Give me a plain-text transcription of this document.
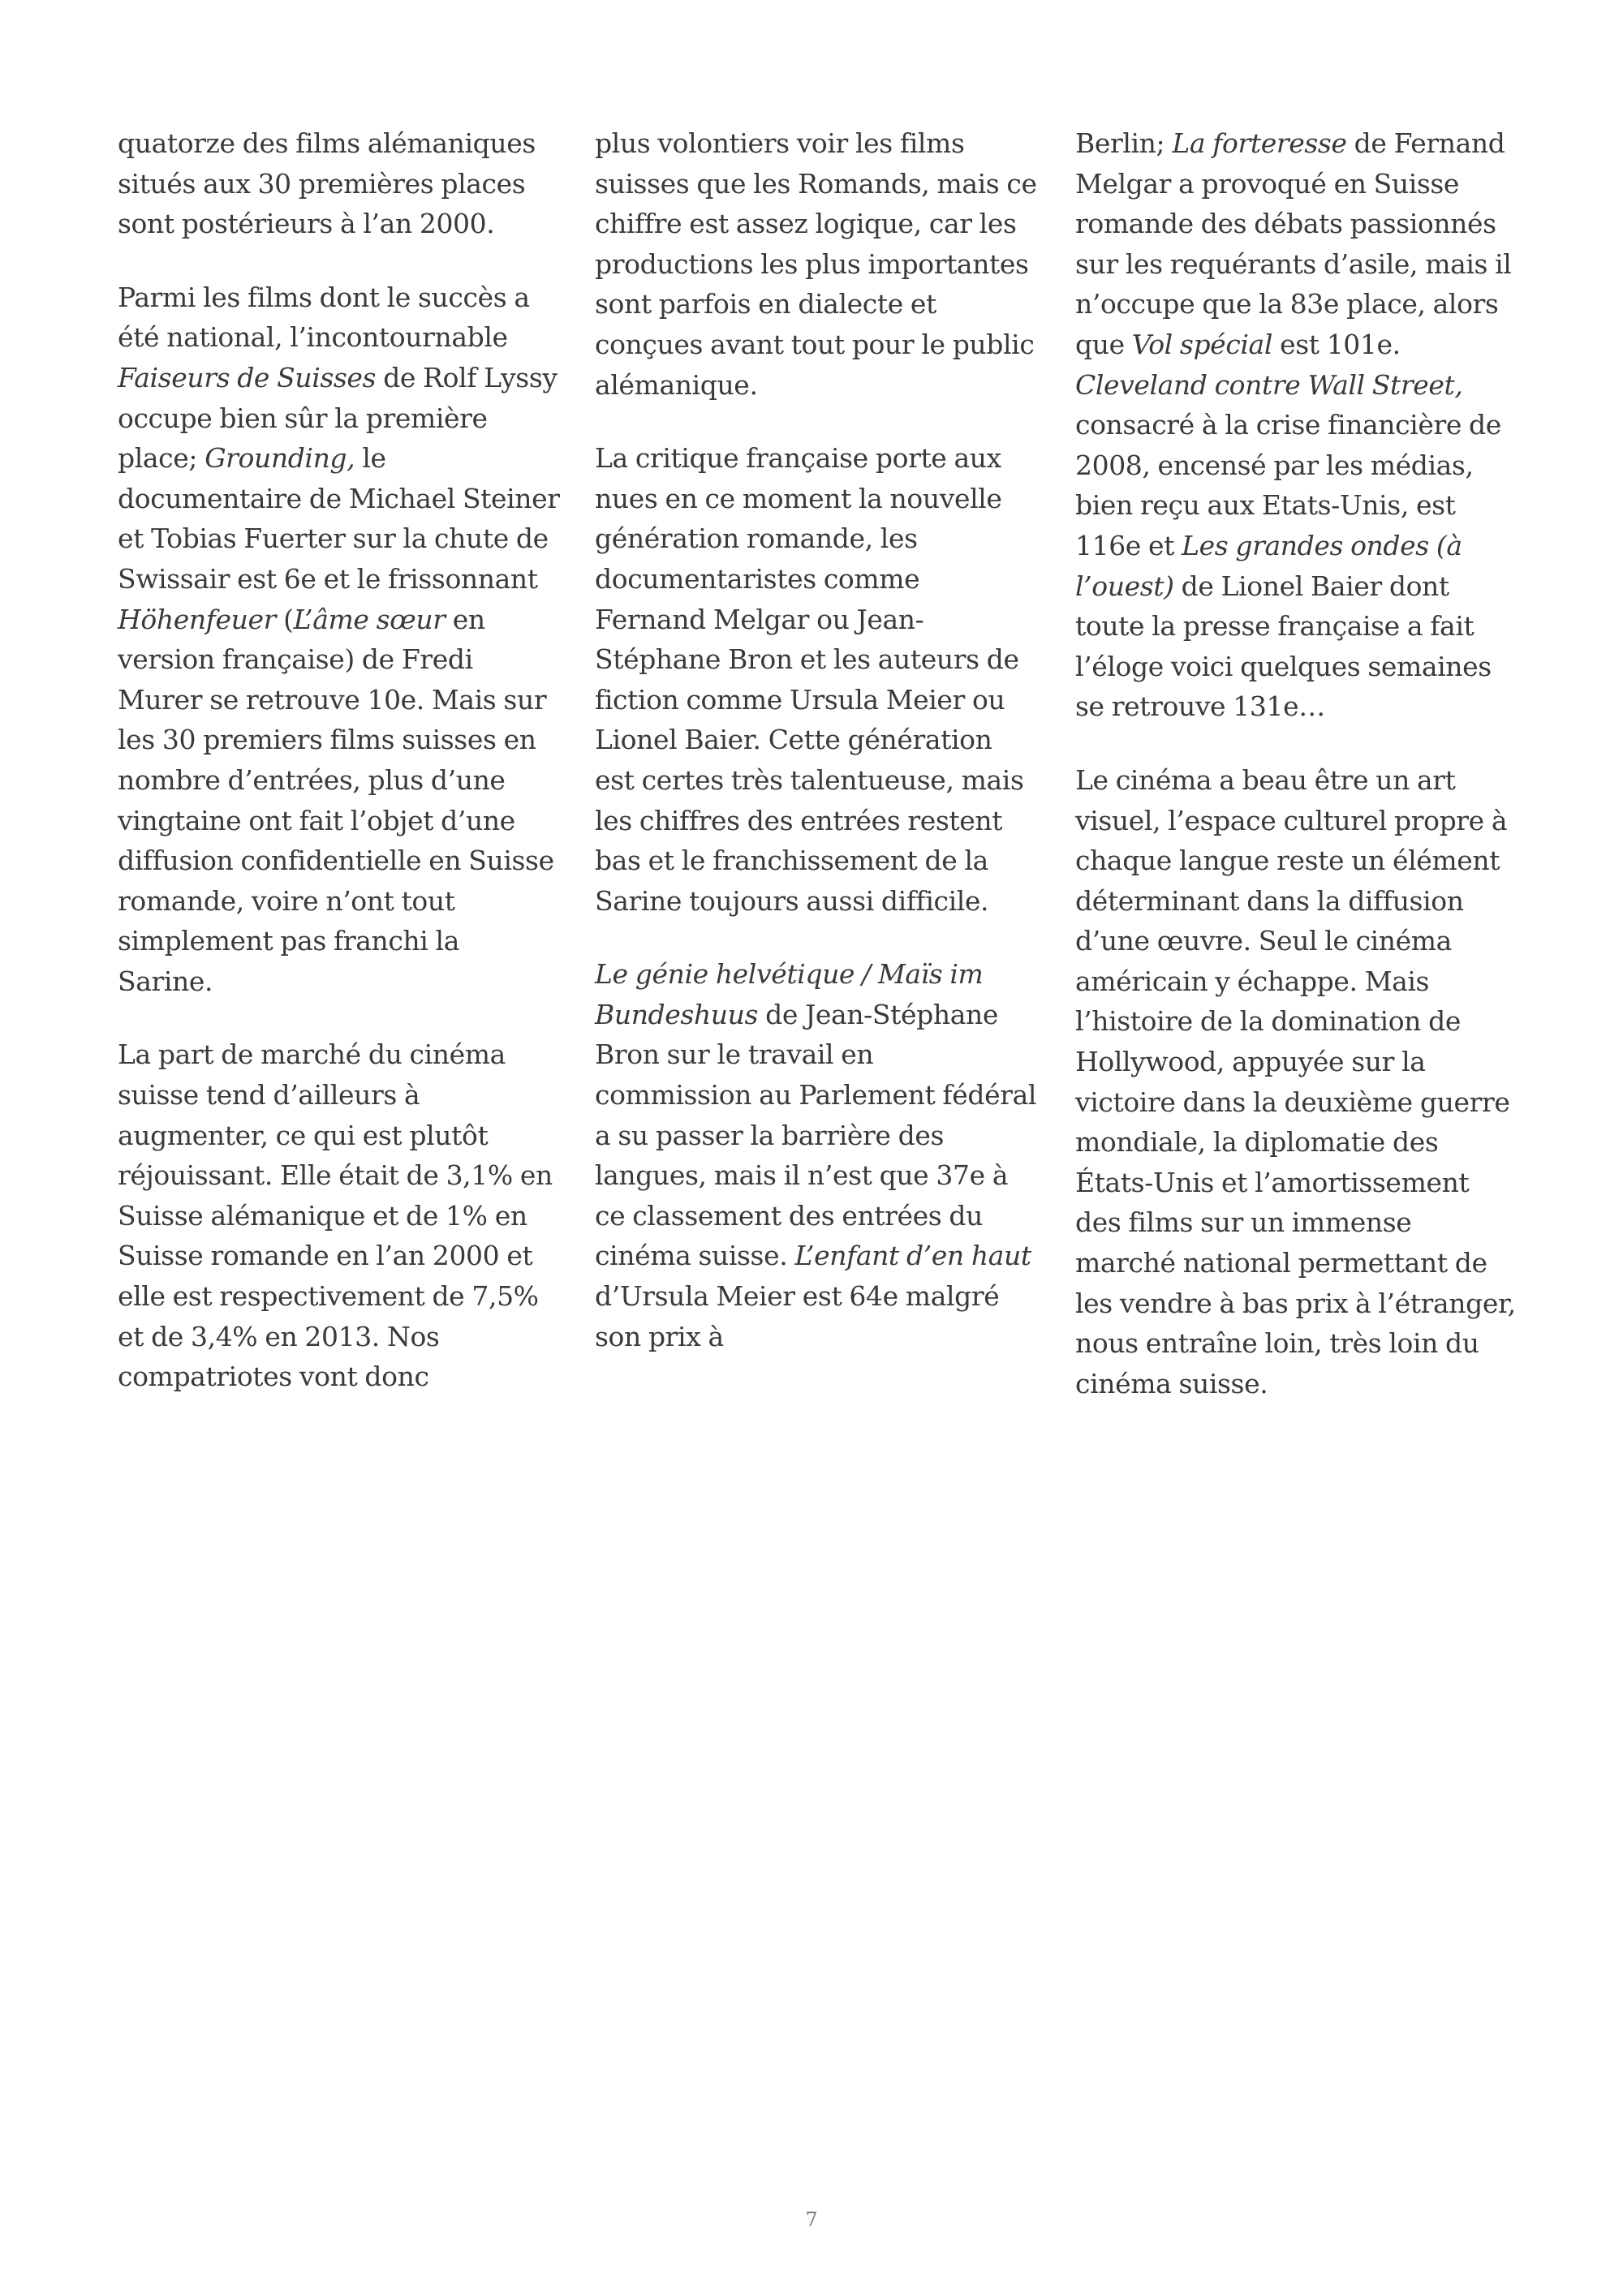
quatorze des films alémaniques situés aux 30 premières places sont postérieurs à l’an 2000.

Parmi les films dont le succès a été national, l’incontournable Faiseurs de Suisses de Rolf Lyssy occupe bien sûr la première place; Grounding, le documentaire de Michael Steiner et Tobias Fuerter sur la chute de Swissair est 6e et le frissonnant Höhenfeuer (L’âme sœur en version française) de Fredi Murer se retrouve 10e. Mais sur les 30 premiers films suisses en nombre d’entrées, plus d’une vingtaine ont fait l’objet d’une diffusion confidentielle en Suisse romande, voire n’ont tout simplement pas franchi la Sarine.

La part de marché du cinéma suisse tend d’ailleurs à augmenter, ce qui est plutôt réjouissant. Elle était de 3,1% en Suisse alémanique et de 1% en Suisse romande en l’an 2000 et elle est respectivement de 7,5% et de 3,4% en 2013. Nos compatriotes vont donc

plus volontiers voir les films suisses que les Romands, mais ce chiffre est assez logique, car les productions les plus importantes sont parfois en dialecte et conçues avant tout pour le public alémanique.

La critique française porte aux nues en ce moment la nouvelle génération romande, les documentaristes comme Fernand Melgar ou Jean-Stéphane Bron et les auteurs de fiction comme Ursula Meier ou Lionel Baier. Cette génération est certes très talentueuse, mais les chiffres des entrées restent bas et le franchissement de la Sarine toujours aussi difficile.

Le génie helvétique / Maïs im Bundeshuus de Jean-Stéphane Bron sur le travail en commission au Parlement fédéral a su passer la barrière des langues, mais il n’est que 37e à ce classement des entrées du cinéma suisse. L’enfant d’en haut d’Ursula Meier est 64e malgré son prix à

Berlin; La forteresse de Fernand Melgar a provoqué en Suisse romande des débats passionnés sur les requérants d’asile, mais il n’occupe que la 83e place, alors que Vol spécial est 101e. Cleveland contre Wall Street, consacré à la crise financière de 2008, encensé par les médias, bien reçu aux Etats-Unis, est 116e et Les grandes ondes (à l’ouest) de Lionel Baier dont toute la presse française a fait l’éloge voici quelques semaines se retrouve 131e…

Le cinéma a beau être un art visuel, l’espace culturel propre à chaque langue reste un élément déterminant dans la diffusion d’une œuvre. Seul le cinéma américain y échappe. Mais l’histoire de la domination de Hollywood, appuyée sur la victoire dans la deuxième guerre mondiale, la diplomatie des États-Unis et l’amortissement des films sur un immense marché national permettant de les vendre à bas prix à l’étranger, nous entraîne loin, très loin du cinéma suisse.

7
